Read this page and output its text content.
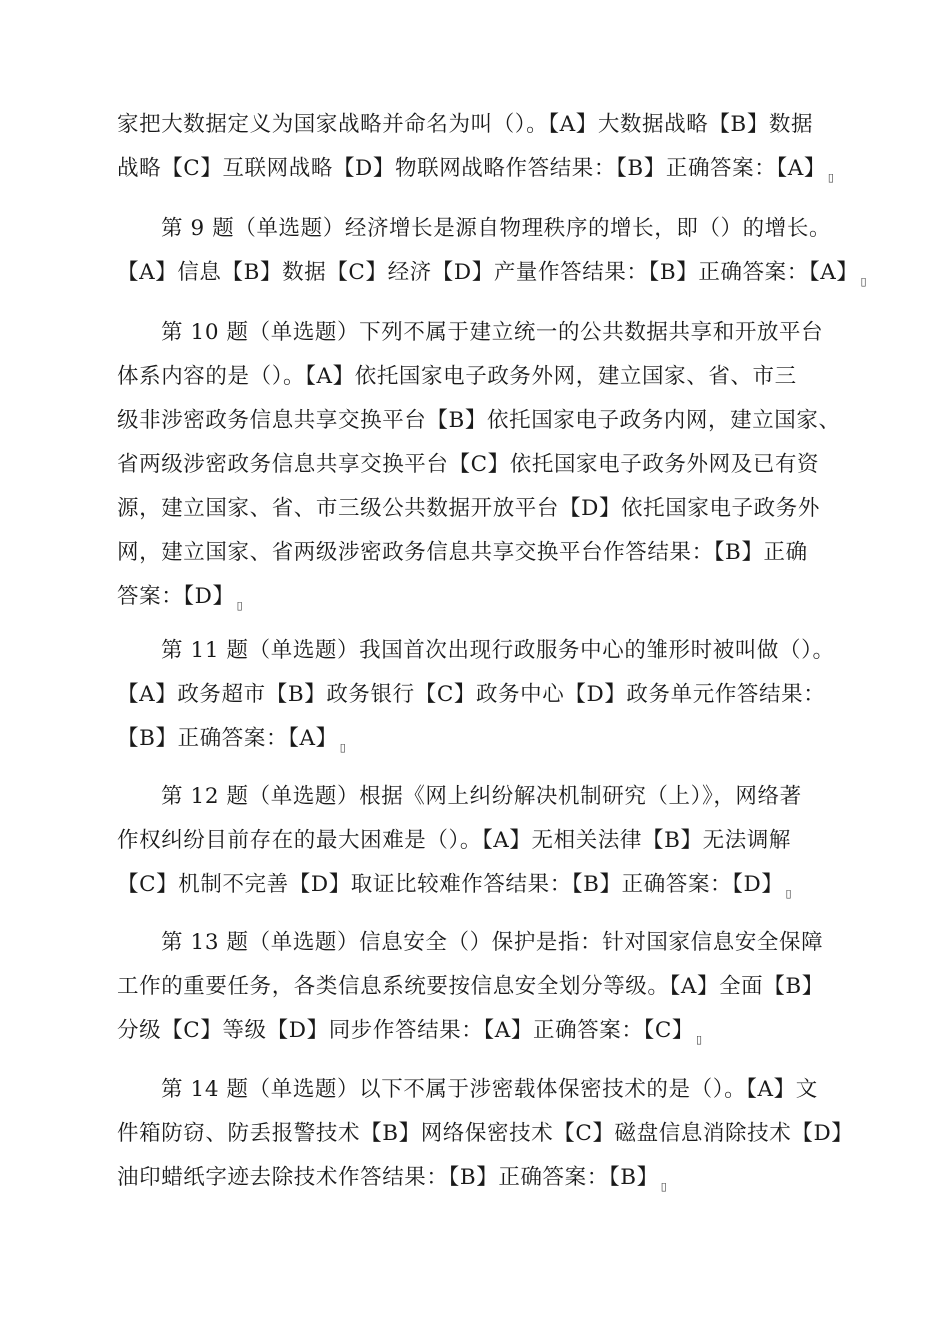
家把大数据定义为国家战略并命名为叫（）。【A】大数据战略【B】数据
战略【C】互联网战略【D】物联网战略作答结果：【B】正确答案：【A】 ▯
第 9 题（单选题）经济增长是源自物理秩序的增长，即（）的增长。
【A】信息【B】数据【C】经济【D】产量作答结果：【B】正确答案：【A】 ▯
第 10 题（单选题）下列不属于建立统一的公共数据共享和开放平台
体系内容的是（）。【A】依托国家电子政务外网，建立国家、省、市三
级非涉密政务信息共享交换平台【B】依托国家电子政务内网，建立国家、
省两级涉密政务信息共享交换平台【C】依托国家电子政务外网及已有资
源，建立国家、省、市三级公共数据开放平台【D】依托国家电子政务外
网，建立国家、省两级涉密政务信息共享交换平台作答结果：【B】正确
答案：【D】 ▯
第 11 题（单选题）我国首次出现行政服务中心的雏形时被叫做（）。
【A】政务超市【B】政务银行【C】政务中心【D】政务单元作答结果：
【B】正确答案：【A】 ▯
第 12 题（单选题）根据《网上纠纷解决机制研究（上）》，网络著
作权纠纷目前存在的最大困难是（）。【A】无相关法律【B】无法调解
【C】机制不完善【D】取证比较难作答结果：【B】正确答案：【D】 ▯
第 13 题（单选题）信息安全（）保护是指：针对国家信息安全保障
工作的重要任务，各类信息系统要按信息安全划分等级。【A】全面【B】
分级【C】等级【D】同步作答结果：【A】正确答案：【C】 ▯
第 14 题（单选题）以下不属于涉密载体保密技术的是（）。【A】文
件箱防窃、防丢报警技术【B】网络保密技术【C】磁盘信息消除技术【D】
油印蜡纸字迹去除技术作答结果：【B】正确答案：【B】 ▯
